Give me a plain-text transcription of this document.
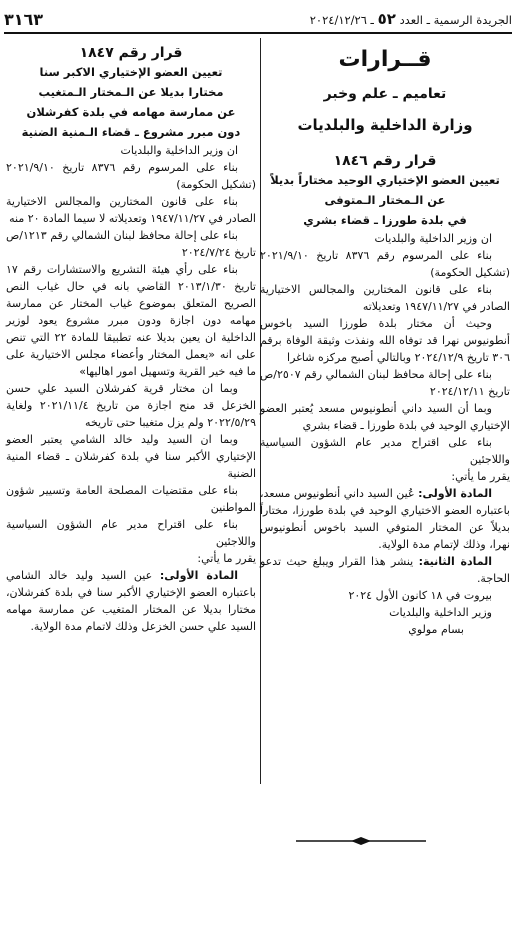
الجريدة الرسمية ـ العدد ٥٢ ـ ٢٠٢٤/١٢/٢٦
٣١٦٣
قــرارات
تعاميم ـ علم وخبر
وزارة الداخلية والبلديات
قرار رقم ١٨٤٦
تعيين العضو الإختياري الوحيد مختاراً بديلاً
عن الـمختار الـمتوفى
في بلدة طورزا ـ قضاء بشري

ان وزير الداخلية والبلديات

بناء على المرسوم رقم ٨٣٧٦ تاريخ ٢٠٢١/٩/١٠ (تشكيل الحكومة)

بناء على قانون المختارين والمجالس الاختيارية الصادر في ١٩٤٧/١١/٢٧ وتعديلاته

وحيث أن مختار بلدة طورزا السيد باخوس أنطونيوس نهرا قد توفاه الله ونفذت وثيقة الوفاة برقم ٣٠٦ تاريخ ٢٠٢٤/١٢/٩ وبالتالي أصبح مركزه شاغرا

بناء على إحالة محافظ لبنان الشمالي رقم ٢٥٠٧/ص تاريخ ٢٠٢٤/١٢/١١

وبما أن السيد داني أنطونيوس مسعد يُعتبر العضو الإختياري الوحيد في بلدة طورزا ـ قضاء بشري

بناء على اقتراح مدير عام الشؤون السياسية واللاجئين

يقرر ما يأتي:

المادة الأولى: عُين السيد داني أنطونيوس مسعد، باعتباره العضو الاختياري الوحيد في بلدة طورزا، مختاراً بديلاً عن المختار المتوفي السيد باخوس أنطونيوس نهرا، وذلك لإتمام مدة الولاية.

المادة الثانية: ينشر هذا القرار ويبلغ حيث تدعو الحاجة.

بيروت في ١٨ كانون الأول ٢٠٢٤

وزير الداخلية والبلديات

بسام مولوي

قرار رقم ١٨٤٧
تعيين العضو الإختياري الاكبر سنا
مختارا بديلا عن الـمختار الـمتغيب
عن ممارسة مهامه في بلدة كفرشلان
دون مبرر مشروع ـ قضاء الـمنية الضنية

ان وزير الداخلية والبلديات

بناء على المرسوم رقم ٨٣٧٦ تاريخ ٢٠٢١/٩/١٠ (تشكيل الحكومة)

بناء على قانون المختارين والمجالس الاختيارية الصادر في ١٩٤٧/١١/٢٧ وتعديلاته لا سيما المادة ٢٠ منه

بناء على إحالة محافظ لبنان الشمالي رقم ١٢١٣/ص تاريخ ٢٠٢٤/٧/٢٤

بناء على رأي هيئة التشريع والاستشارات رقم ١٧ تاريخ ٢٠١٣/١/٣٠ القاضي بانه في حال غياب النص الصريح المتعلق بموضوع غياب المختار عن ممارسة مهامه دون اجازة ودون مبرر مشروع يعود لوزير الداخلية ان يعين بديلا عنه تطبيقا للمادة ٢٢ التي تنص على انه «يعمل المختار وأعضاء مجلس الاختيارية على ما فيه خير القرية وتسهيل امور اهاليها»

وبما ان مختار قرية كفرشلان السيد علي حسن الخزعل قد منح اجازة من تاريخ ٢٠٢١/١١/٤ ولغاية ٢٠٢٢/٥/٢٩ ولم يزل متغيبا حتى تاريخه

وبما ان السيد وليد خالد الشامي يعتبر العضو الإختياري الأكبر سنا في بلدة كفرشلان ـ قضاء المنية الضنية

بناء على مقتضيات المصلحة العامة وتسيير شؤون المواطنين

بناء على اقتراح مدير عام الشؤون السياسية واللاجئين

يقرر ما يأتي:

المادة الأولى: عين السيد وليد خالد الشامي باعتباره العضو الإختياري الأكبر سنا في بلدة كفرشلان، مختارا بديلا عن المختار المتغيب عن ممارسة مهامه السيد علي حسن الخزعل وذلك لاتمام مدة الولاية.
